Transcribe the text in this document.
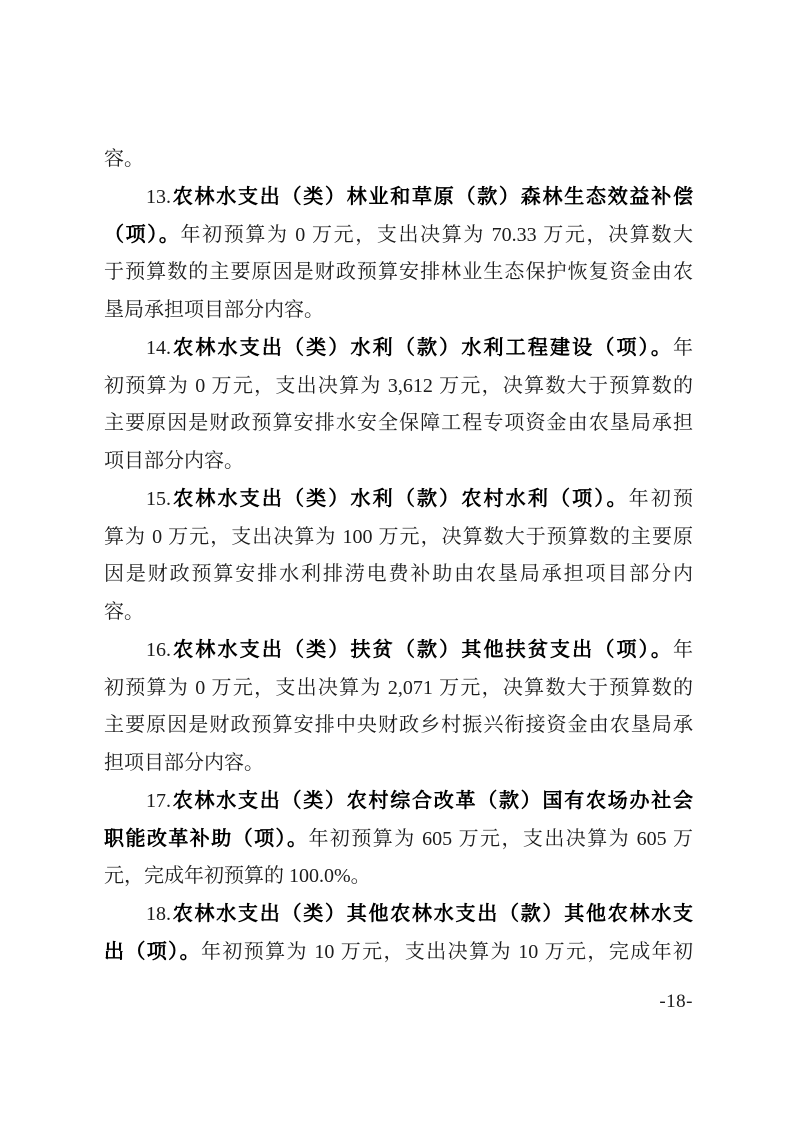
容。
13.农林水支出（类）林业和草原（款）森林生态效益补偿
（项）。年初预算为 0 万元，支出决算为 70.33 万元，决算数大
于预算数的主要原因是财政预算安排林业生态保护恢复资金由农
垦局承担项目部分内容。
14.农林水支出（类）水利（款）水利工程建设（项）。年
初预算为 0 万元，支出决算为 3,612 万元，决算数大于预算数的
主要原因是财政预算安排水安全保障工程专项资金由农垦局承担
项目部分内容。
15.农林水支出（类）水利（款）农村水利（项）。年初预
算为 0 万元，支出决算为 100 万元，决算数大于预算数的主要原
因是财政预算安排水利排涝电费补助由农垦局承担项目部分内
容。
16.农林水支出（类）扶贫（款）其他扶贫支出（项）。年
初预算为 0 万元，支出决算为 2,071 万元，决算数大于预算数的
主要原因是财政预算安排中央财政乡村振兴衔接资金由农垦局承
担项目部分内容。
17.农林水支出（类）农村综合改革（款）国有农场办社会
职能改革补助（项）。年初预算为 605 万元，支出决算为 605 万
元，完成年初预算的 100.0%。
18.农林水支出（类）其他农林水支出（款）其他农林水支
出（项）。年初预算为 10 万元，支出决算为 10 万元，完成年初
-18-
